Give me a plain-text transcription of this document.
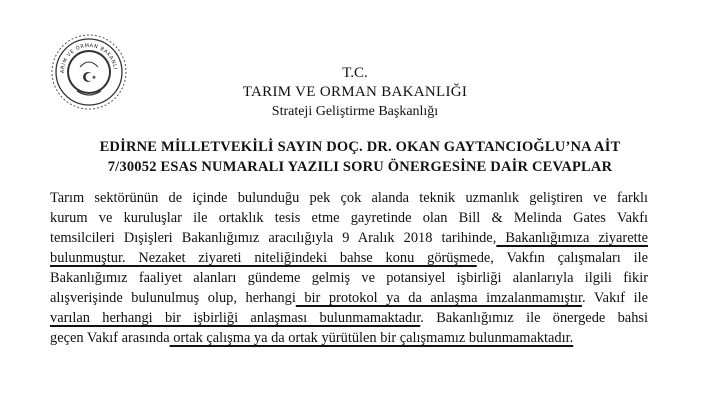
ARIM VE ORMAN BAKANLI	T.C.
TARIM VE ORMAN BAKANLIĞI
Strateji Geliştirme Başkanlığı
EDİRNE MİLLETVEKİLİ SAYIN DOÇ. DR. OKAN GAYTANCIOĞLU’NA AİT
7/30052 ESAS NUMARALI YAZILI SORU ÖNERGESİNE DAİR CEVAPLAR
Tarım sektörünün de içinde bulunduğu pek çok alanda teknik uzmanlık geliştiren ve farklı
kurum ve kuruluşlar ile ortaklık tesis etme gayretinde olan Bill & Melinda Gates Vakfı
temsilcileri Dışişleri Bakanlığımız aracılığıyla 9 Aralık 2018 tarihinde, Bakanlığımıza ziyarette
bulunmuştur. Nezaket ziyareti niteliğindeki bahse konu görüşmede, Vakfın çalışmaları ile
Bakanlığımız faaliyet alanları gündeme gelmiş ve potansiyel işbirliği alanlarıyla ilgili fikir
alışverişinde bulunulmuş olup, herhangi bir protokol ya da anlaşma imzalanmamıştır. Vakıf ile
varılan herhangi bir işbirliği anlaşması bulunmamaktadır. Bakanlığımız ile önergede bahsi
geçen Vakıf arasında ortak çalışma ya da ortak yürütülen bir çalışmamız bulunmamaktadır.
